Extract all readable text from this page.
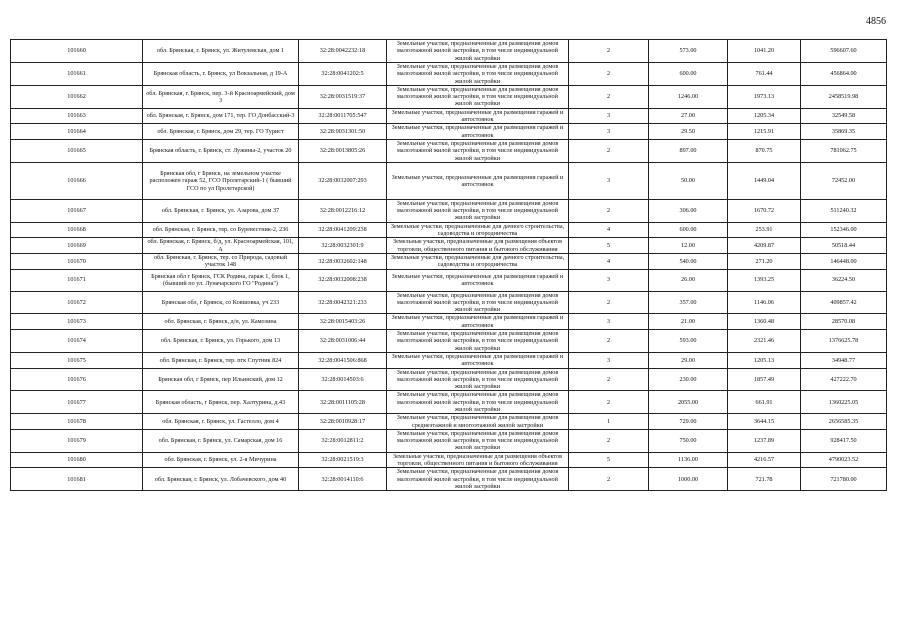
4856
101660	обл. Брянская, г. Брянск, ул. Житулевская, дом 1	32:28:0042232:18	Земельные участки, предназначенные для размещения домов малоэтажной жилой застройки, в том числе индивидуальной жилой застройки	2	573.00	1041.20	596607.60
101661	Брянская область, г. Брянск, ул Вокзальная, д 19-А	32:28:0041202:5	Земельные участки, предназначенные для размещения домов малоэтажной жилой застройки, в том числе индивидуальной жилой застройки	2	600.00	761.44	456864.00
101662	обл. Брянская, г. Брянск, пер. 3-й Красноармейский, дом 3	32:28:0031519:37	Земельные участки, предназначенные для размещения домов малоэтажной жилой застройки, в том числе индивидуальной жилой застройки	2	1246.00	1973.13	2458519.98
101663	обл. Брянская, г. Брянск, дом 171, тер. ГО Донбасский-3	32:28:0011705:547	Земельные участки, предназначенные для размещения гаражей и автостоянок	3	27.00	1205.34	32549.58
101664	обл. Брянская, г. Брянск, дом 29, тер. ГО Турист	32:28:0031301:50	Земельные участки, предназначенные для размещения гаражей и автостоянок	3	29.50	1215.91	35869.35
101665	Брянская область, г. Брянск, ст. Лужины-2, участок 20	32:28:0013805:26	Земельные участки, предназначенные для размещения домов малоэтажной жилой застройки, в том числе индивидуальной жилой застройки	2	897.00	870.75	781062.75
101666	Брянская обл, г Брянск, на земельном участке расположен гараж 52, ГСО Пролетарский-1 ( бывший ГСО по ул Пролетарской)	32:28:0032007:293	Земельные участки, предназначенные для размещения гаражей и автостоянок	3	50.00	1449.04	72452.00
101667	обл. Брянская, г. Брянск, ул. Азарова, дом 37	32:28:0012216:12	Земельные участки, предназначенные для размещения домов малоэтажной жилой застройки, в том числе индивидуальной жилой застройки	2	306.00	1670.72	511240.32
101668	обл. Брянская, г. Брянск, тер. со Буревестник-2, 236	32:28:0041209:238	Земельные участки, предназначенные для дачного строительства, садоводства и огородничества	4	600.00	253.91	152346.00
101669	обл. Брянская, г. Брянск, б/д, ул. Красноармейская, 101, А	32:28:0032301:9	Земельные участки, предназначенные для размещения объектов торговли, общественного питания и бытового обслуживания	5	12.00	4209.87	50518.44
101670	обл. Брянская, г. Брянск, тер. со Природа, садовый участок 148	32:28:0032602:148	Земельные участки, предназначенные для дачного строительства, садоводства и огородничества	4	540.00	271.20	146448.00
101671	Брянская обл г Брянск, ГСК Родина, гараж 1, блок 1, (бывший по ул. Луначарского ГО "Родина")	32:28:0032008:238	Земельные участки, предназначенные для размещения гаражей и автостоянок	3	26.00	1393.25	36224.50
101672	Брянская обл, г Брянск, со Ковшовка, уч 233	32:28:0042321:233	Земельные участки, предназначенные для размещения домов малоэтажной жилой застройки, в том числе индивидуальной жилой застройки	2	357.00	1146.06	409857.42
101673	обл. Брянская, г. Брянск, д/н, ул. Камозина	32:28:0015403:26	Земельные участки, предназначенные для размещения гаражей и автостоянок	3	21.00	1360.48	28570.08
101674	обл. Брянская, г. Брянск, ул. Горького, дом 13	32:28:0031006:44	Земельные участки, предназначенные для размещения домов малоэтажной жилой застройки, в том числе индивидуальной жилой застройки	2	593.00	2321.46	1376625.78
101675	обл. Брянская, г. Брянск, тер. пгк Спутник 824	32:28:0041506:868	Земельные участки, предназначенные для размещения гаражей и автостоянок	3	29.00	1205.13	34948.77
101676	Брянская обл, г Брянск, пер Ильинский, дом 12	32:28:0014503:6	Земельные участки, предназначенные для размещения домов малоэтажной жилой застройки, в том числе индивидуальной жилой застройки	2	230.00	1857.49	427222.70
101677	Брянская область, г Брянск, пер. Халтурина, д.43	32:28:0011105:28	Земельные участки, предназначенные для размещения домов малоэтажной жилой застройки, в том числе индивидуальной жилой застройки	2	2055.00	661.91	1360225.05
101678	обл. Брянская, г. Брянск, ул. Гастелло, дом 4	32:28:0010928:17	Земельные участки, предназначенные для размещения домов среднеэтажной и многоэтажной жилой застройки	1	729.00	3644.15	2656585.35
101679	обл. Брянская, г. Брянск, ул. Самарская, дом 16	32:28:0012811:2	Земельные участки, предназначенные для размещения домов малоэтажной жилой застройки, в том числе индивидуальной жилой застройки	2	750.00	1237.89	928417.50
101680	обл. Брянская, г. Брянск, ул. 2-я Мичурина	32:28:0021519:3	Земельные участки, предназначенные для размещения объектов торговли, общественного питания и бытового обслуживания	5	1136.00	4216.57	4790023.52
101681	обл. Брянская, г. Брянск, ул. Лобачевского, дом 40	32:28:0014110:6	Земельные участки, предназначенные для размещения домов малоэтажной жилой застройки, в том числе индивидуальной жилой застройки	2	1000.00	721.78	721780.00
